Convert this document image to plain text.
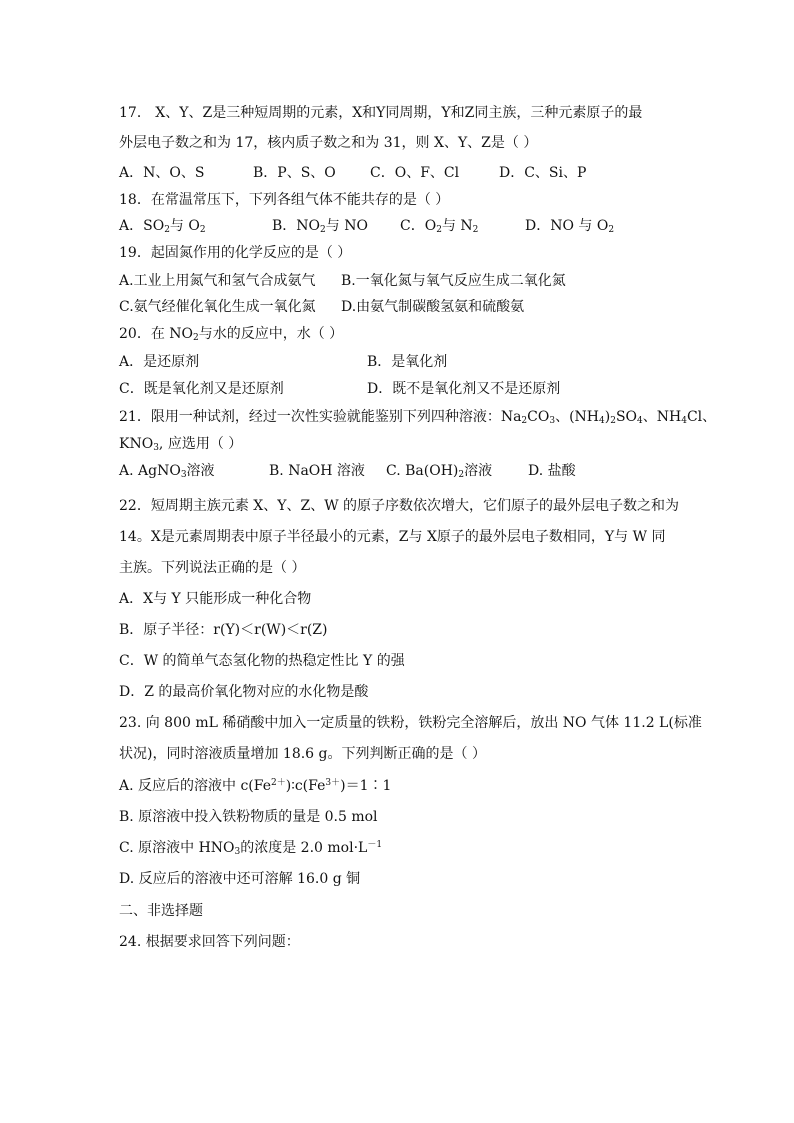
17． X、Y、Z是三种短周期的元素，X和Y同周期，Y和Z同主族，三种元素原子的最
外层电子数之和为 17，核内质子数之和为 31，则 X、Y、Z是（ ）
A．N、O、S	B．P、S、O C．O、F、Cl	D．C、Si、P
18．在常温常压下，下列各组气体不能共存的是（ ）
A．$SO_2$与 $O_2$	B．$NO_2$与 NO C．$O_2$与 $N_2$	D．NO 与 $O_2$
19．起固氮作用的化学反应的是（ ）
A.工业上用氮气和氢气合成氨气 B.一氧化氮与氧气反应生成二氧化氮
C.氨气经催化氧化生成一氧化氮 D.由氨气制碳酸氢氨和硫酸氨
20．在 $NO_2$与水的反应中，水（ ）
A．是还原剂	B．是氧化剂
C．既是氧化剂又是还原剂	D．既不是氧化剂又不是还原剂
21．限用一种试剂，经过一次性实验就能鉴别下列四种溶液：$Na_2CO_3$、$(NH_4)_2SO_4$、$NH_4Cl$、
$KNO_3$, 应选用（ ）
A. AgNO$_3$溶液	B. NaOH 溶液 C. $Ba(OH)_2$溶液	D. 盐酸
22．短周期主族元素 X、Y、Z、W 的原子序数依次增大，它们原子的最外层电子数之和为
14。X是元素周期表中原子半径最小的元素，Z与 X原子的最外层电子数相同，Y与 W 同
主族。下列说法正确的是（ ）
A．X与 Y 只能形成一种化合物
B．原子半径：r(Y)＜r(W)＜r(Z)
C．W 的简单气态氢化物的热稳定性比 Y 的强
D．Z 的最高价氧化物对应的水化物是酸
23. 向 800 mL 稀硝酸中加入一定质量的铁粉，铁粉完全溶解后，放出 NO 气体 11.2 L(标准
状况)，同时溶液质量增加 18.6 g。下列判断正确的是（ ）
A. 反应后的溶液中 $c(Fe^{2+})∶c(Fe^{3+})=1∶1$
B. 原溶液中投入铁粉物质的量是 0.5 mol
C. 原溶液中 $HNO_3$的浓度是 2.0 $mol\cdot L^{-1}$
D. 反应后的溶液中还可溶解 16.0 g 铜
二、非选择题
24. 根据要求回答下列问题：
